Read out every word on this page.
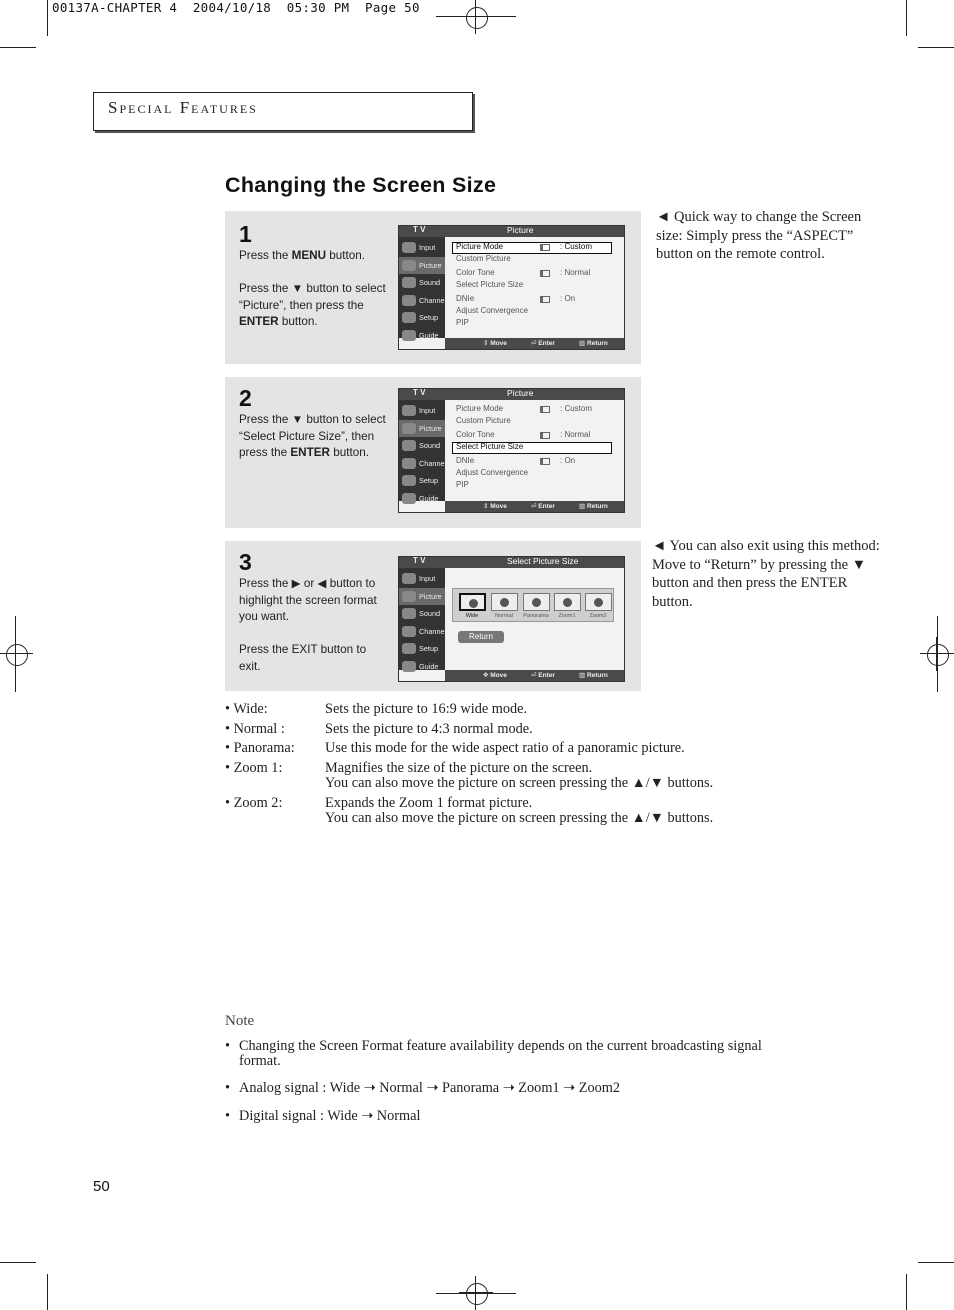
00137A-CHAPTER 4  2004/10/18  05:30 PM  Page 50
Special Features
Changing the Screen Size
1

Press the MENU button.

Press the ▼ button to select “Picture”, then press the ENTER button.

T V	Picture
Input
Picture
Sound
Channel
Setup
Guide
Picture Mode	: Custom
Custom Picture
Color Tone	: Normal
Select Picture Size
DNIe	: On
Adjust Convergence
PIP
⇕ Move	⏎ Enter	▥ Return
2

Press the ▼ button to select “Select Picture Size”, then press the ENTER button.

T V	Picture
Input
Picture
Sound
Channel
Setup
Guide
Picture Mode	: Custom
Custom Picture
Color Tone	: Normal
Select Picture Size
DNIe	: On
Adjust Convergence
PIP
⇕ Move	⏎ Enter	▥ Return
3

Press the ▶ or ◀ button to highlight the screen format you want.

Press the EXIT button to exit.

T V	Select Picture Size
Input
Picture
Sound
Channel
Setup
Guide
Wide	Normal	Panorama	Zoom1	Zoom2
Return
✥ Move	⏎ Enter	▥ Return
◄ Quick way to change the Screen size: Simply press the “ASPECT” button on the remote control.
◄ You can also exit using this method: Move to “Return” by pressing the ▼ button and then press the ENTER button.
• Wide:	Sets the picture to 16:9 wide mode.
• Normal :	Sets the picture to 4:3 normal mode.
• Panorama: Use this mode for the wide aspect ratio of a panoramic picture.
• Zoom 1:	Magnifies the size of the picture on the screen.
You can also move the picture on screen pressing the ▲/▼ buttons.
• Zoom 2:	Expands the Zoom 1 format picture.
You can also move the picture on screen pressing the ▲/▼ buttons.
Note
• Changing the Screen Format feature availability depends on the current broadcasting signal format.
• Analog signal : Wide ➝ Normal ➝ Panorama ➝ Zoom1 ➝ Zoom2
• Digital signal : Wide ➝ Normal
50
